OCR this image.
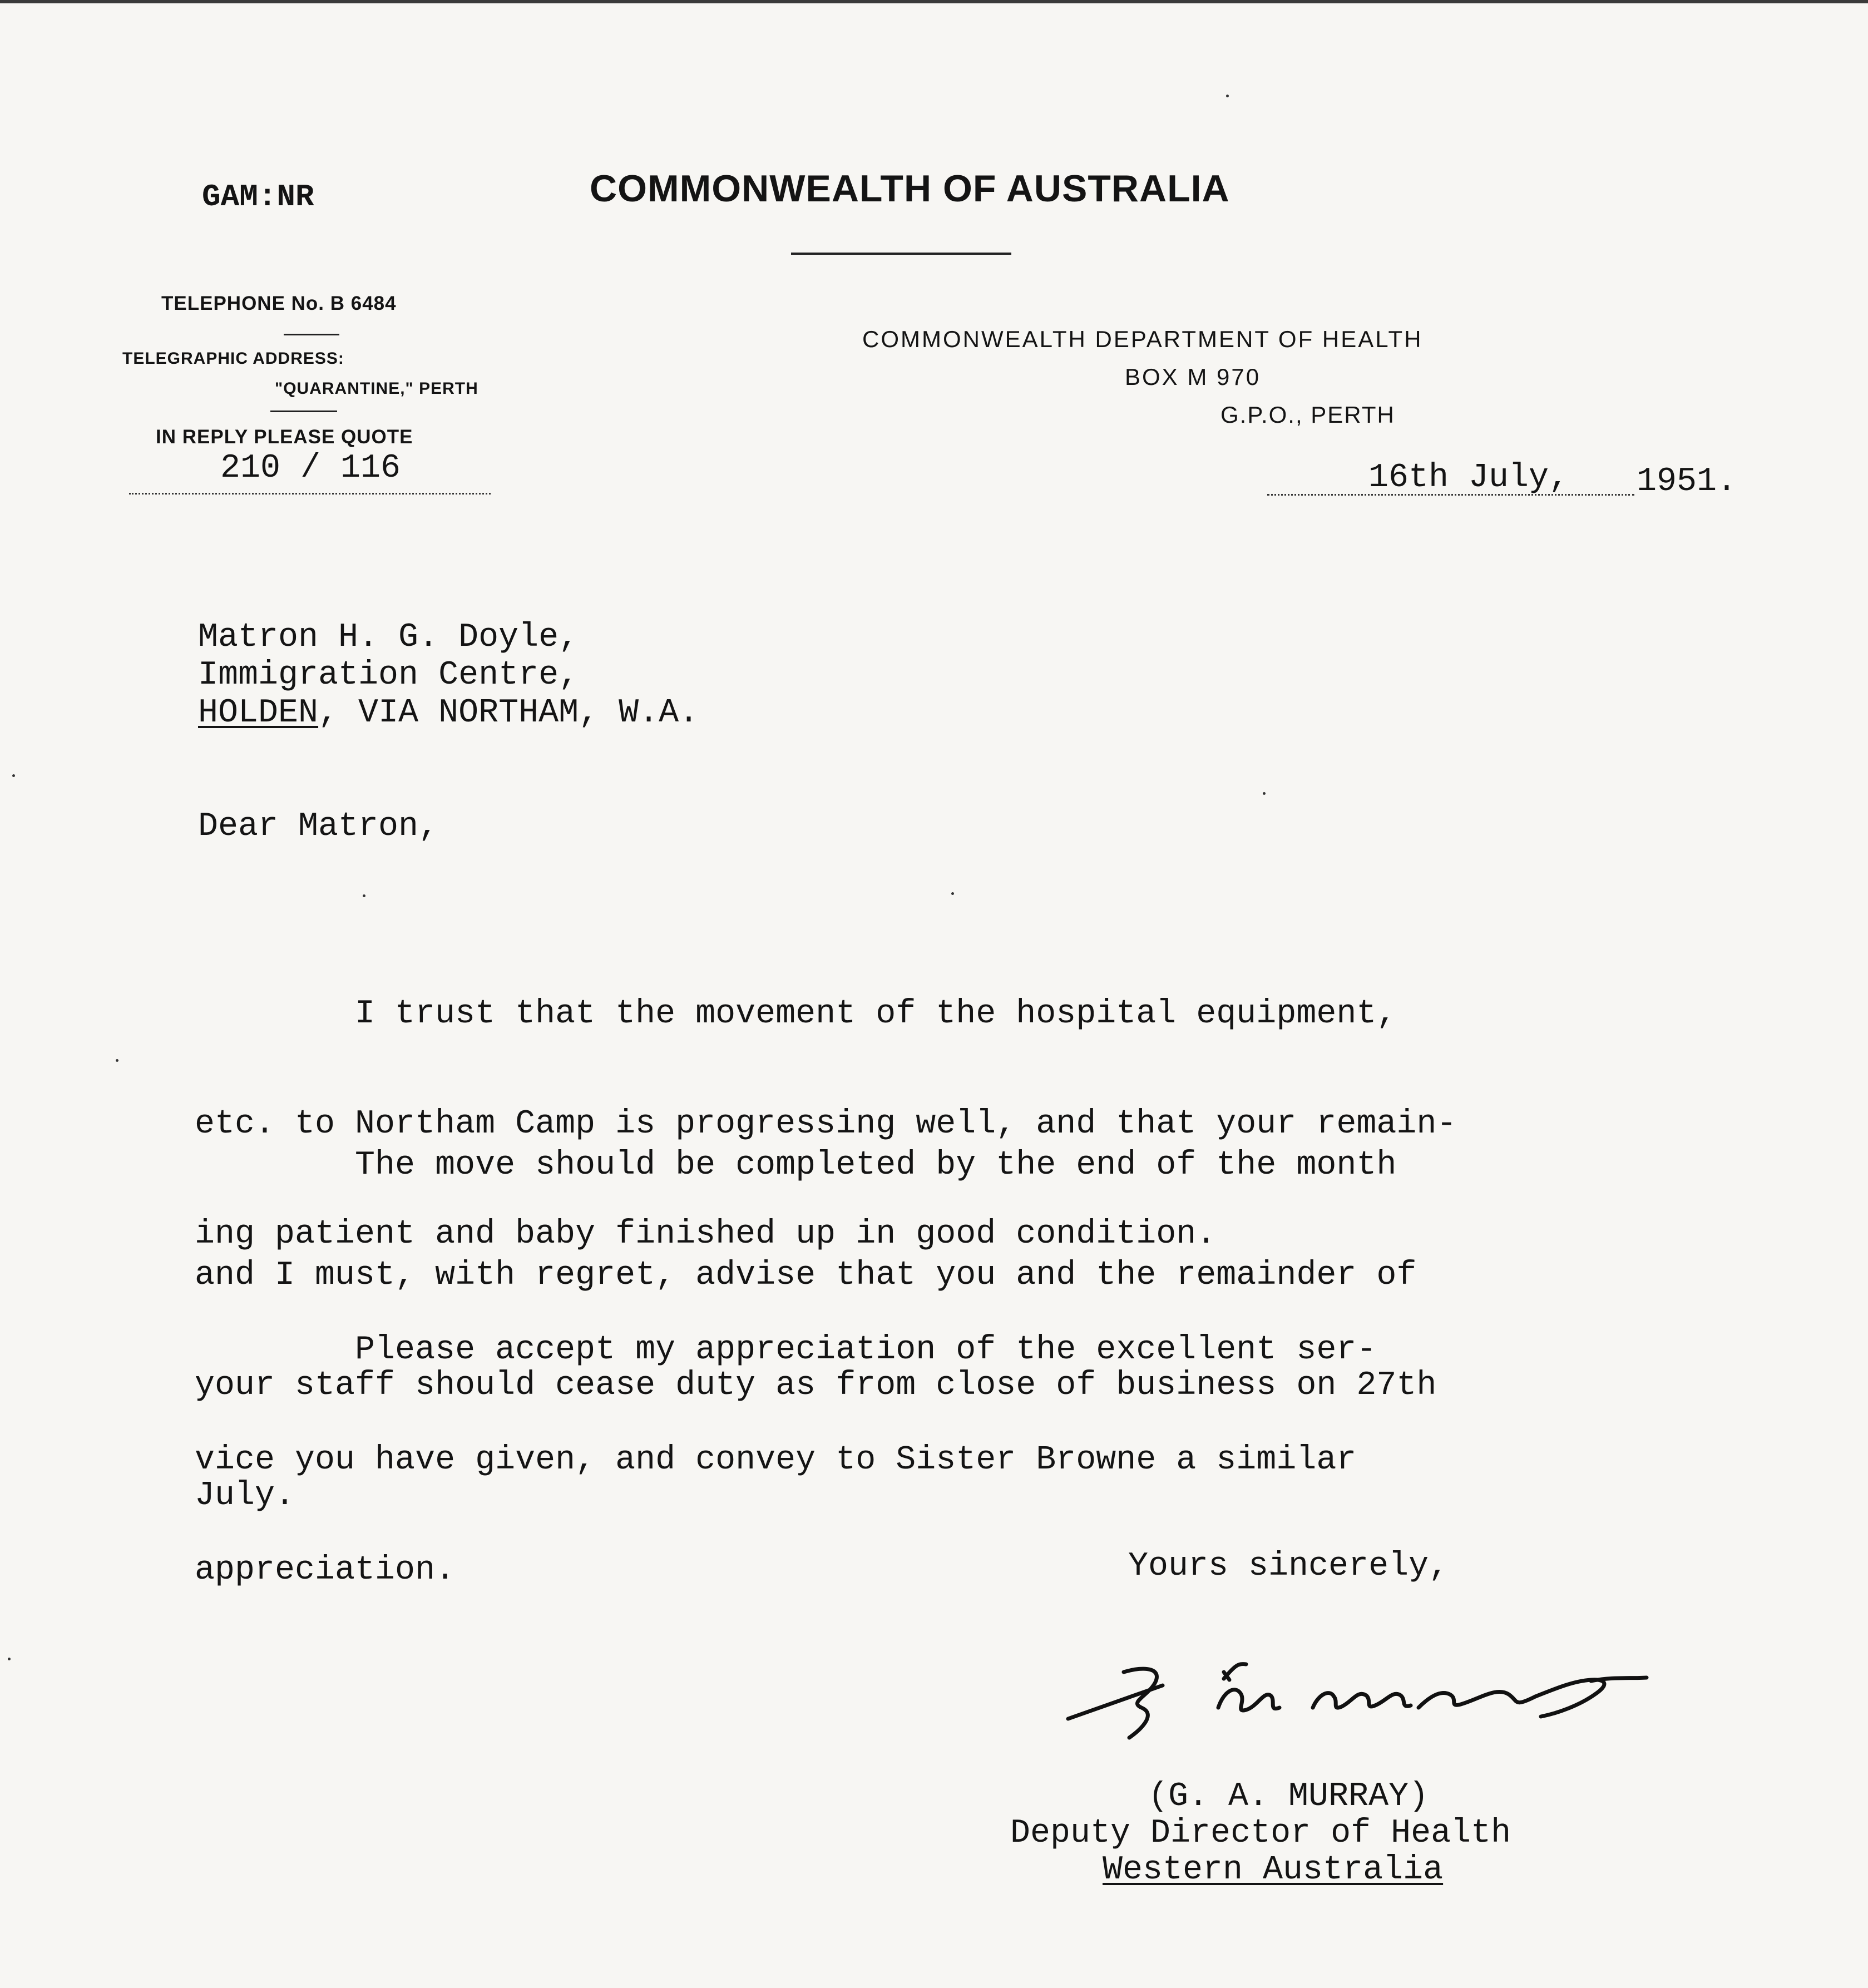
GAM:NR	COMMONWEALTH OF AUSTRALIA
TELEPHONE No. B 6484
TELEGRAPHIC ADDRESS:
"QUARANTINE," PERTH
IN REPLY PLEASE QUOTE
210 / 116
COMMONWEALTH DEPARTMENT OF HEALTH
BOX M 970
G.P.O., PERTH
16th July, 1951.
Matron H. G. Doyle,
Immigration Centre,
HOLDEN, VIA NORTHAM, W.A.
Dear Matron,

I trust that the movement of the hospital equipment,

etc. to Northam Camp is progressing well, and that your remain-

ing patient and baby finished up in good condition.

The move should be completed by the end of the month

and I must, with regret, advise that you and the remainder of

your staff should cease duty as from close of business on 27th

July.

Please accept my appreciation of the excellent ser-

vice you have given, and convey to Sister Browne a similar

appreciation.

	Yours sincerely,
(G. A. MURRAY)
Deputy Director of Health
Western Australia
